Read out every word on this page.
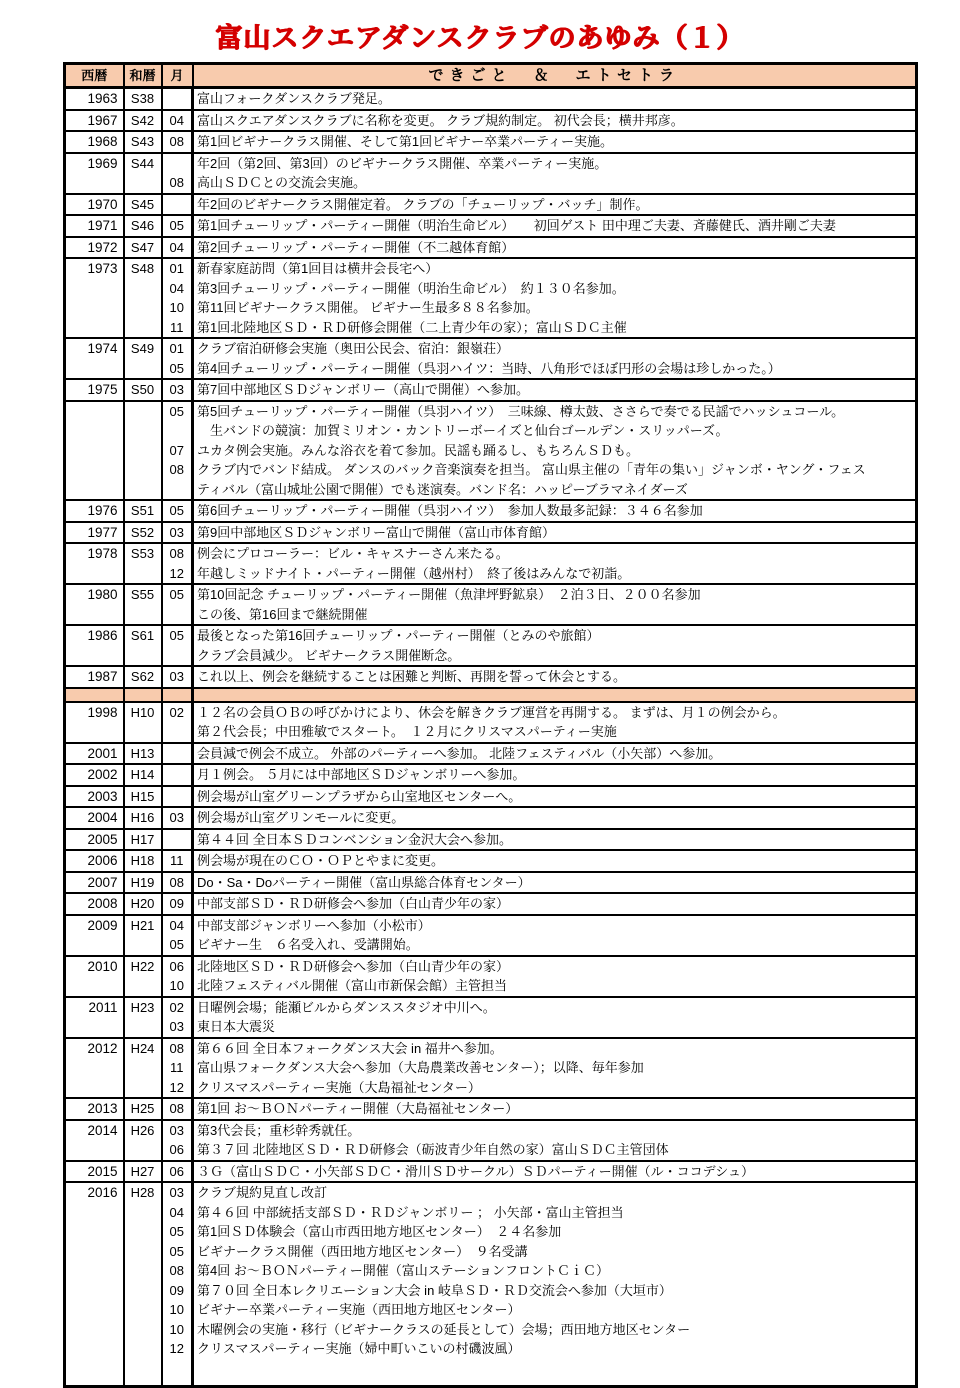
富山スクエアダンスクラブのあゆみ（１）
西暦	和暦	月	できごと　＆　エトセトラ
1963	S38		富山フォークダンスクラブ発足。
1967	S42	04	富山スクエアダンスクラブに名称を変更。 クラブ規約制定。 初代会長；横井邦彦。
1968	S43	08	第1回ビギナークラス開催、そして第1回ビギナー卒業パーティー実施。
1969	S44		年2回（第2回、第3回）のビギナークラス開催、卒業パーティー実施。
		08	高山ＳＤＣとの交流会実施。
1970	S45		年2回のビギナークラス開催定着。 クラブの「チューリップ・バッチ」制作。
1971	S46	05	第1回チューリップ・パーティー開催（明治生命ビル）　　初回ゲスト 田中理ご夫妻、斉藤健氏、酒井剛ご夫妻
1972	S47	04	第2回チューリップ・パーティー開催（不二越体育館）
1973	S48	01	新春家庭訪問（第1回目は横井会長宅へ）
		04	第3回チューリップ・パーティー開催（明治生命ビル）　約１３０名参加。
		10	第11回ビギナークラス開催。 ビギナー生最多８８名参加。
		11	第1回北陸地区ＳＤ・ＲＤ研修会開催（二上青少年の家）；富山ＳＤＣ主催
1974	S49	01	クラブ宿泊研修会実施（奥田公民会、宿泊：銀嶺荘）
		05	第4回チューリップ・パーティー開催（呉羽ハイツ：当時、八角形でほぼ円形の会場は珍しかった。）
1975	S50	03	第7回中部地区ＳＤジャンボリー（高山で開催）へ参加。
		05	第5回チューリップ・パーティー開催（呉羽ハイツ）　三味線、樽太鼓、ささらで奏でる民謡でハッシュコール。
			　生バンドの競演：加賀ミリオン・カントリーボーイズと仙台ゴールデン・スリッパーズ。
		07	ユカタ例会実施。みんな浴衣を着て参加。民謡も踊るし、もちろんＳＤも。
		08	クラブ内でバンド結成。 ダンスのバック音楽演奏を担当。 富山県主催の「青年の集い」ジャンボ・ヤング・フェス
			ティバル（富山城址公園で開催）でも迷演奏。バンド名：ハッピーブラマネイダーズ
1976	S51	05	第6回チューリップ・パーティー開催（呉羽ハイツ）　参加人数最多記録：３４６名参加
1977	S52	03	第9回中部地区ＳＤジャンボリー富山で開催（富山市体育館）
1978	S53	08	例会にプロコーラー：ビル・キャスナーさん来たる。
		12	年越しミッドナイト・パーティー開催（越州村）　終了後はみんなで初詣。
1980	S55	05	第10回記念 チューリップ・パーティー開催（魚津坪野鉱泉）　２泊３日、２００名参加
			この後、第16回まで継続開催
1986	S61	05	最後となった第16回チューリップ・パーティー開催（とみのや旅館）
			クラブ会員減少。 ビギナークラス開催断念。
1987	S62	03	これ以上、例会を継続することは困難と判断、再開を誓って休会とする。

1998	H10	02	１２名の会員ＯＢの呼びかけにより、休会を解きクラブ運営を再開する。 まずは、月１の例会から。
			第２代会長；中田雅敏でスタート。　１２月にクリスマスパーティー実施
2001	H13		会員減で例会不成立。 外部のパーティーへ参加。 北陸フェスティバル（小矢部）へ参加。
2002	H14		月１例会。 ５月には中部地区ＳＤジャンボリーへ参加。
2003	H15		例会場が山室グリーンプラザから山室地区センターへ。
2004	H16	03	例会場が山室グリンモールに変更。
2005	H17		第４４回 全日本ＳＤコンベンション金沢大会へ参加。
2006	H18	11	例会場が現在のＣＯ・ＯＰとやまに変更。
2007	H19	08	Do・Sa・Doパーティー開催（富山県総合体育センター）
2008	H20	09	中部支部ＳＤ・ＲＤ研修会へ参加（白山青少年の家）
2009	H21	04	中部支部ジャンボリーへ参加（小松市）
		05	ビギナー生　６名受入れ、受講開始。
2010	H22	06	北陸地区ＳＤ・ＲＤ研修会へ参加（白山青少年の家）
		10	北陸フェスティバル開催（富山市新保会館）主管担当
2011	H23	02	日曜例会場；能瀬ビルからダンススタジオ中川へ。
		03	東日本大震災
2012	H24	08	第６６回 全日本フォークダンス大会 in 福井へ参加。
		11	富山県フォークダンス大会へ参加（大島農業改善センター）；以降、毎年参加
		12	クリスマスパーティー実施（大島福祉センター）
2013	H25	08	第1回 お～ＢＯＮパーティー開催（大島福祉センター）
2014	H26	03	第3代会長；重杉幹秀就任。
		06	第３７回 北陸地区ＳＤ・ＲＤ研修会（砺波青少年自然の家）富山ＳＤＣ主管団体
2015	H27	06	３Ｇ（富山ＳＤＣ・小矢部ＳＤＣ・滑川ＳＤサークル）ＳＤパーティー開催（ル・ココデシュ）
2016	H28	03	クラブ規約見直し改訂
		04	第４６回 中部統括支部ＳＤ・ＲＤジャンボリー ； 小矢部・富山主管担当
		05	第1回ＳＤ体験会（富山市西田地方地区センター）　２４名参加
		05	ビギナークラス開催（西田地方地区センター）　９名受講
		08	第4回 お～ＢＯＮパーティー開催（富山ステーションフロントＣｉＣ）
		09	第７０回 全日本レクリエーション大会 in 岐阜ＳＤ・ＲＤ交流会へ参加（大垣市）
		10	ビギナー卒業パーティー実施（西田地方地区センター）
		10	木曜例会の実施・移行（ビギナークラスの延長として）会場；西田地方地区センター
		12	クリスマスパーティー実施（婦中町いこいの村磯波風）
